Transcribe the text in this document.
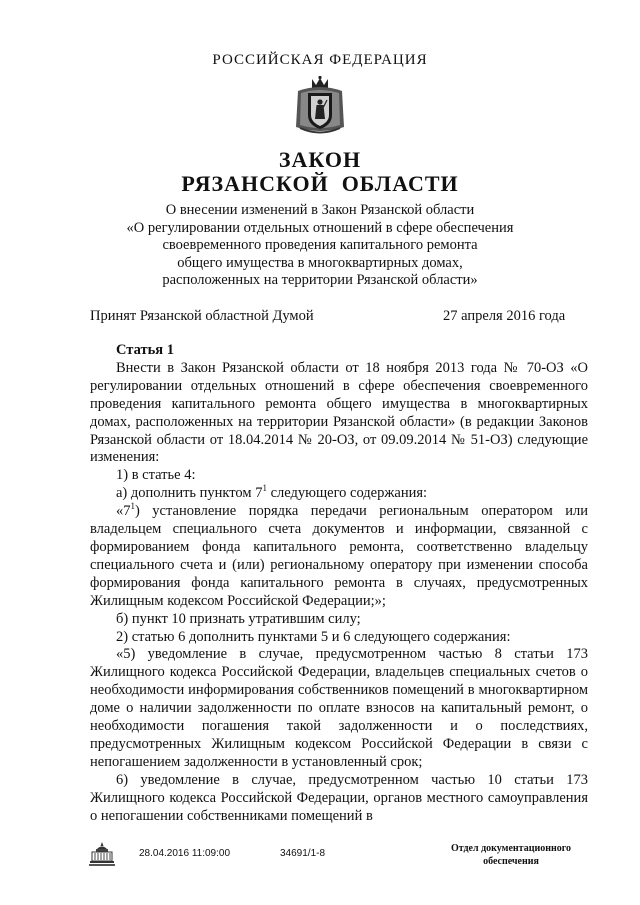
РОССИЙСКАЯ ФЕДЕРАЦИЯ
ЗАКОН
РЯЗАНСКОЙ  ОБЛАСТИ
О внесении изменений в Закон Рязанской области
«О регулировании отдельных отношений в сфере обеспечения
своевременного проведения капитального ремонта
общего имущества в многоквартирных домах,
расположенных на территории Рязанской области»
Принят Рязанской областной Думой	27 апреля 2016 года

Статья 1

Внести в Закон Рязанской области от 18 ноября 2013 года № 70-ОЗ «О регулировании отдельных отношений в сфере обеспечения своевременного проведения капитального ремонта общего имущества в многоквартирных домах, расположенных на территории Рязанской области» (в редакции Законов Рязанской области от 18.04.2014 № 20-ОЗ, от 09.09.2014 № 51-ОЗ) следующие изменения:

1) в статье 4:

а) дополнить пунктом $7^1$ следующего содержания:

«$7^1$) установление порядка передачи региональным оператором или владельцем специального счета документов и информации, связанной с формированием фонда капитального ремонта, соответственно владельцу специального счета и (или) региональному оператору при изменении способа формирования фонда капитального ремонта в случаях, предусмотренных Жилищным кодексом Российской Федерации;»;

б) пункт 10 признать утратившим силу;

2) статью 6 дополнить пунктами 5 и 6 следующего содержания:

«5) уведомление в случае, предусмотренном частью 8 статьи 173 Жилищного кодекса Российской Федерации, владельцев специальных счетов о необходимости информирования собственников помещений в многоквартирном доме о наличии задолженности по оплате взносов на капитальный ремонт, о необходимости погашения такой задолженности и о последствиях, предусмотренных Жилищным кодексом Российской Федерации в связи с непогашением задолженности в установленный срок;

6) уведомление в случае, предусмотренном частью 10 статьи 173 Жилищного кодекса Российской Федерации, органов местного самоуправления о непогашении собственниками помещений в

28.04.2016 11:09:00	34691/1-8	Отдел документационного
обеспечения
